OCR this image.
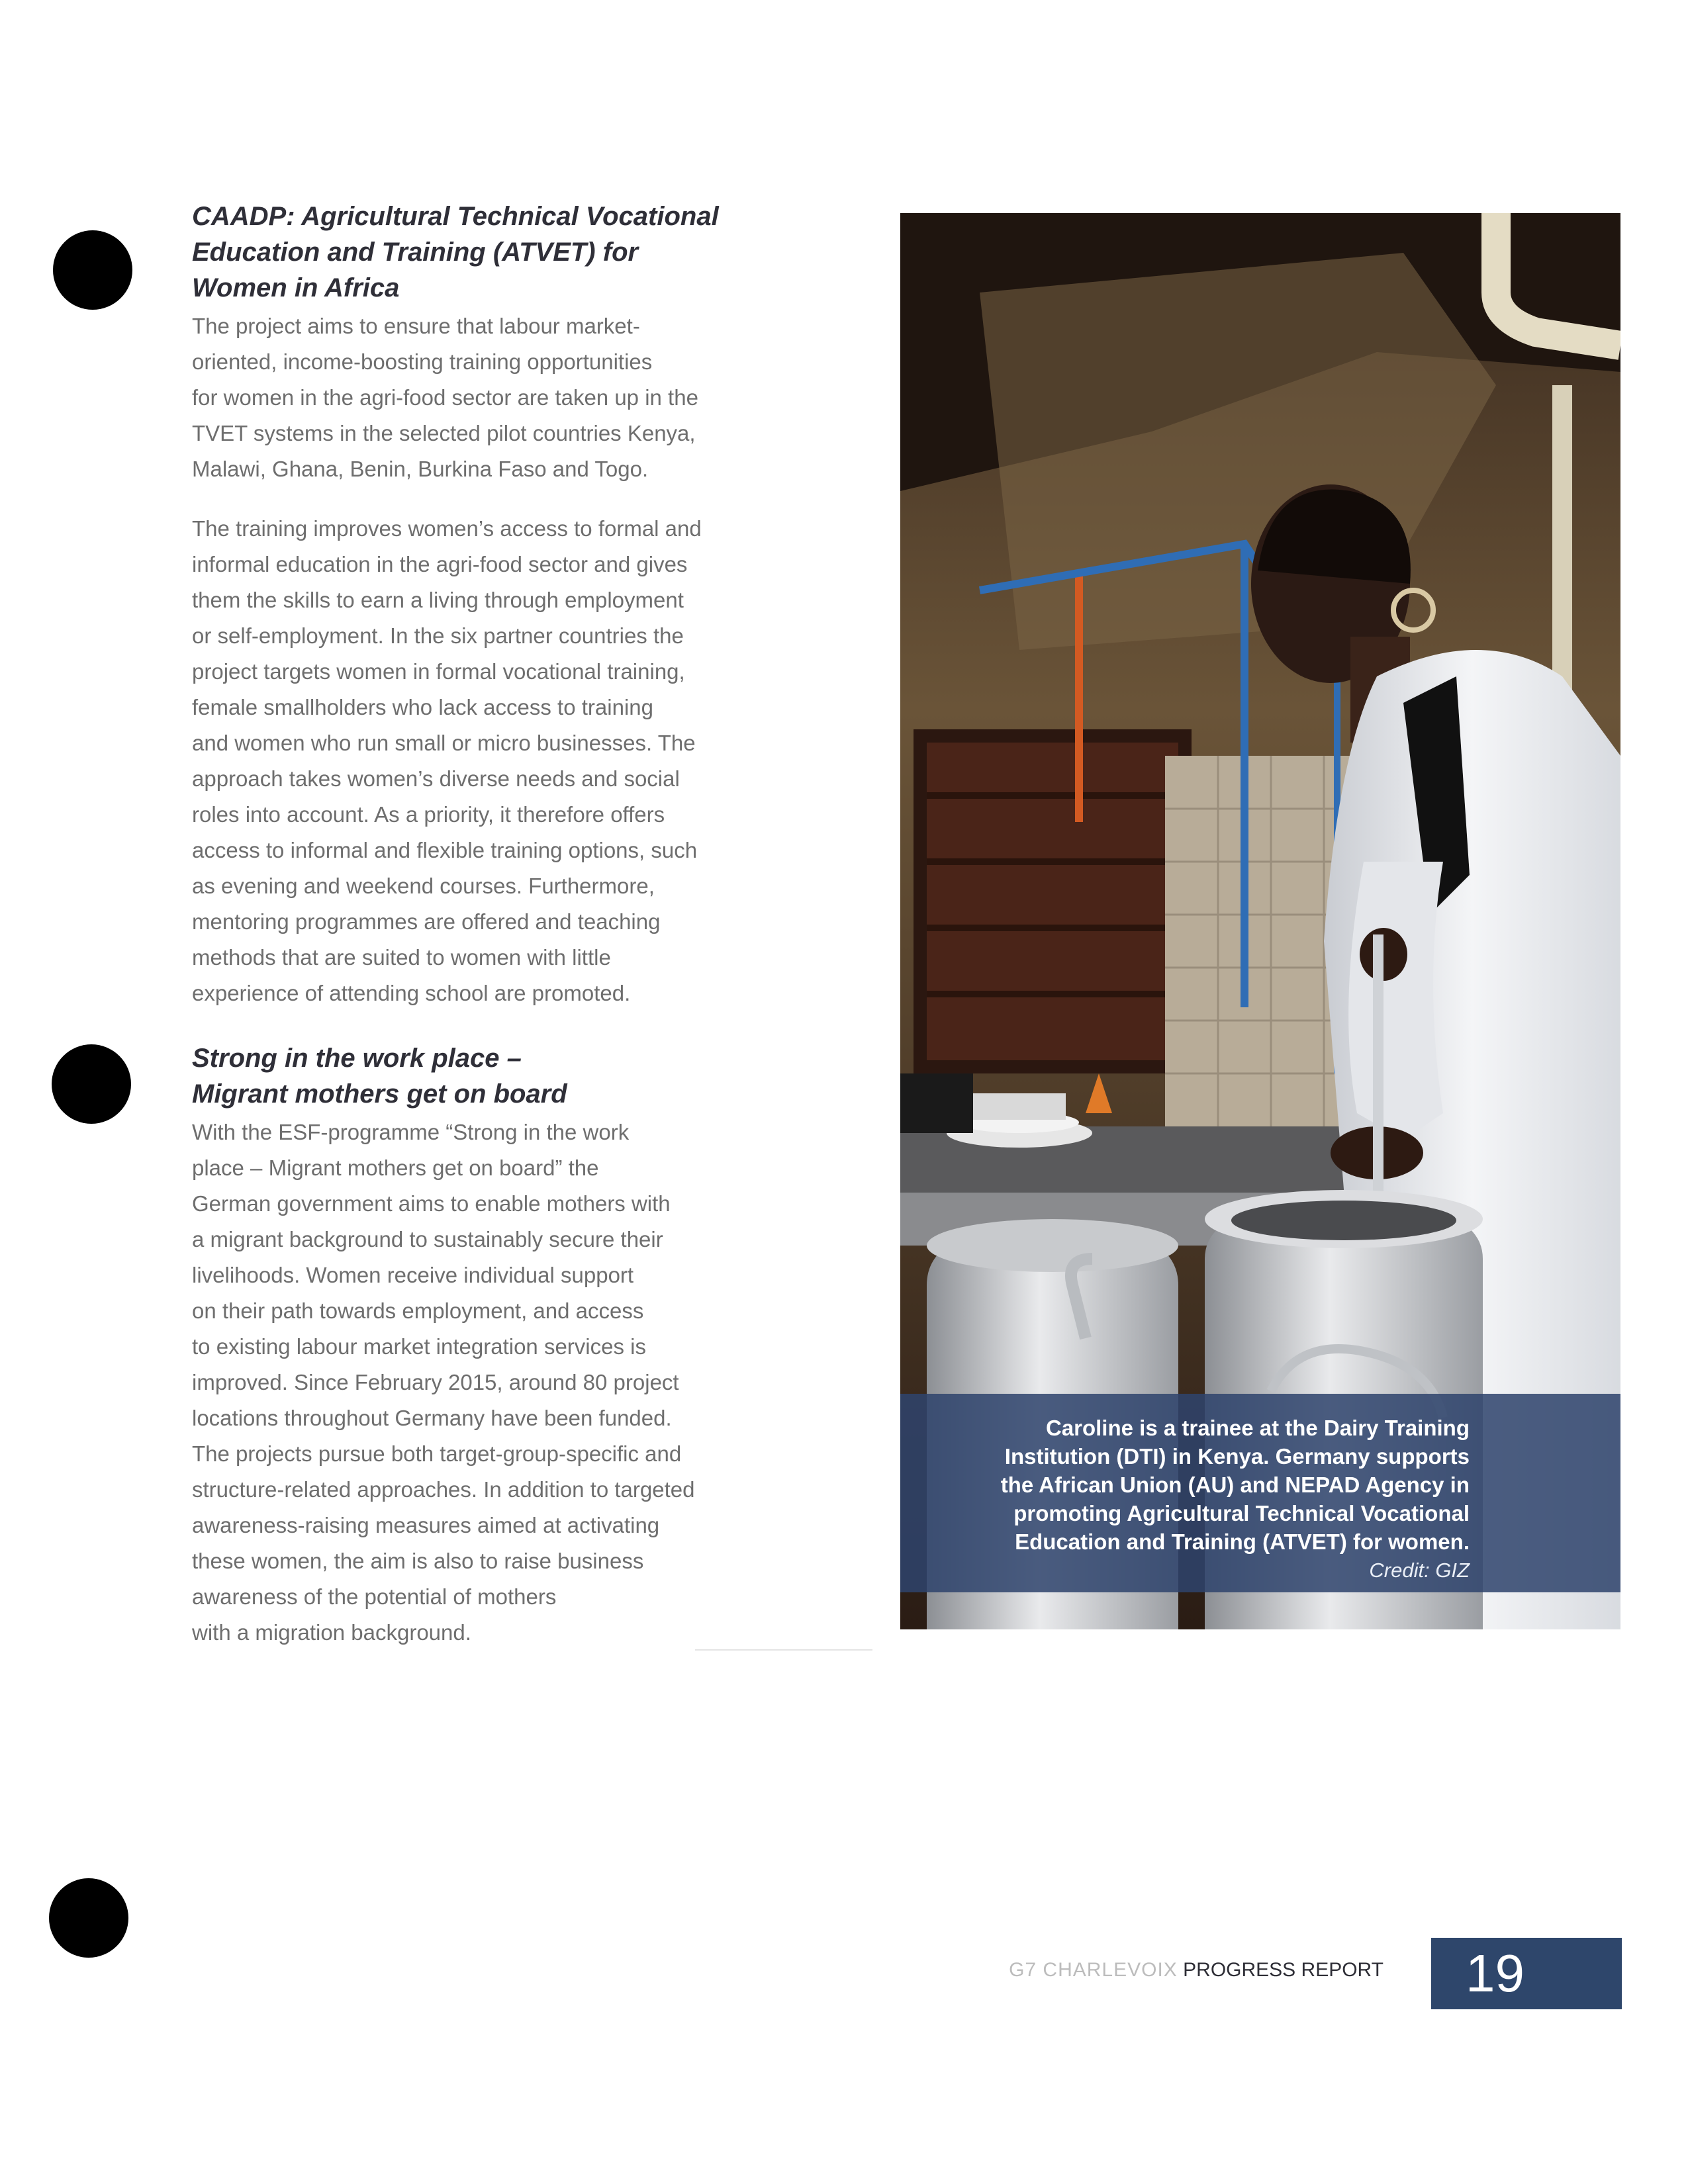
CAADP: Agricultural Technical Vocational
Education and Training (ATVET) for
Women in Africa
The project aims to ensure that labour market-
oriented, income-boosting training opportunities
for women in the agri-food sector are taken up in the
TVET systems in the selected pilot countries Kenya,
Malawi, Ghana, Benin, Burkina Faso and Togo.
The training improves women’s access to formal and
informal education in the agri-food sector and gives
them the skills to earn a living through employment
or self-employment. In the six partner countries the
project targets women in formal vocational training,
female smallholders who lack access to training
and women who run small or micro businesses. The
approach takes women’s diverse needs and social
roles into account. As a priority, it therefore offers
access to informal and flexible training options, such
as evening and weekend courses. Furthermore,
mentoring programmes are offered and teaching
methods that are suited to women with little
experience of attending school are promoted.
Strong in the work place –
Migrant mothers get on board
With the ESF-programme “Strong in the work
place – Migrant mothers get on board” the
German government aims to enable mothers with
a migrant background to sustainably secure their
livelihoods. Women receive individual support
on their path towards employment, and access
to existing labour market integration services is
improved. Since February 2015, around 80 project
locations throughout Germany have been funded.
The projects pursue both target-group-specific and
structure-related approaches. In addition to targeted
awareness-raising measures aimed at activating
these women, the aim is also to raise business
awareness of the potential of mothers
with a migration background.
Caroline is a trainee at the Dairy Training
Institution (DTI) in Kenya. Germany supports
the African Union (AU) and NEPAD Agency in
promoting Agricultural Technical Vocational
Education and Training (ATVET) for women.
Credit: GIZ
G7 CHARLEVOIX PROGRESS REPORT	19
